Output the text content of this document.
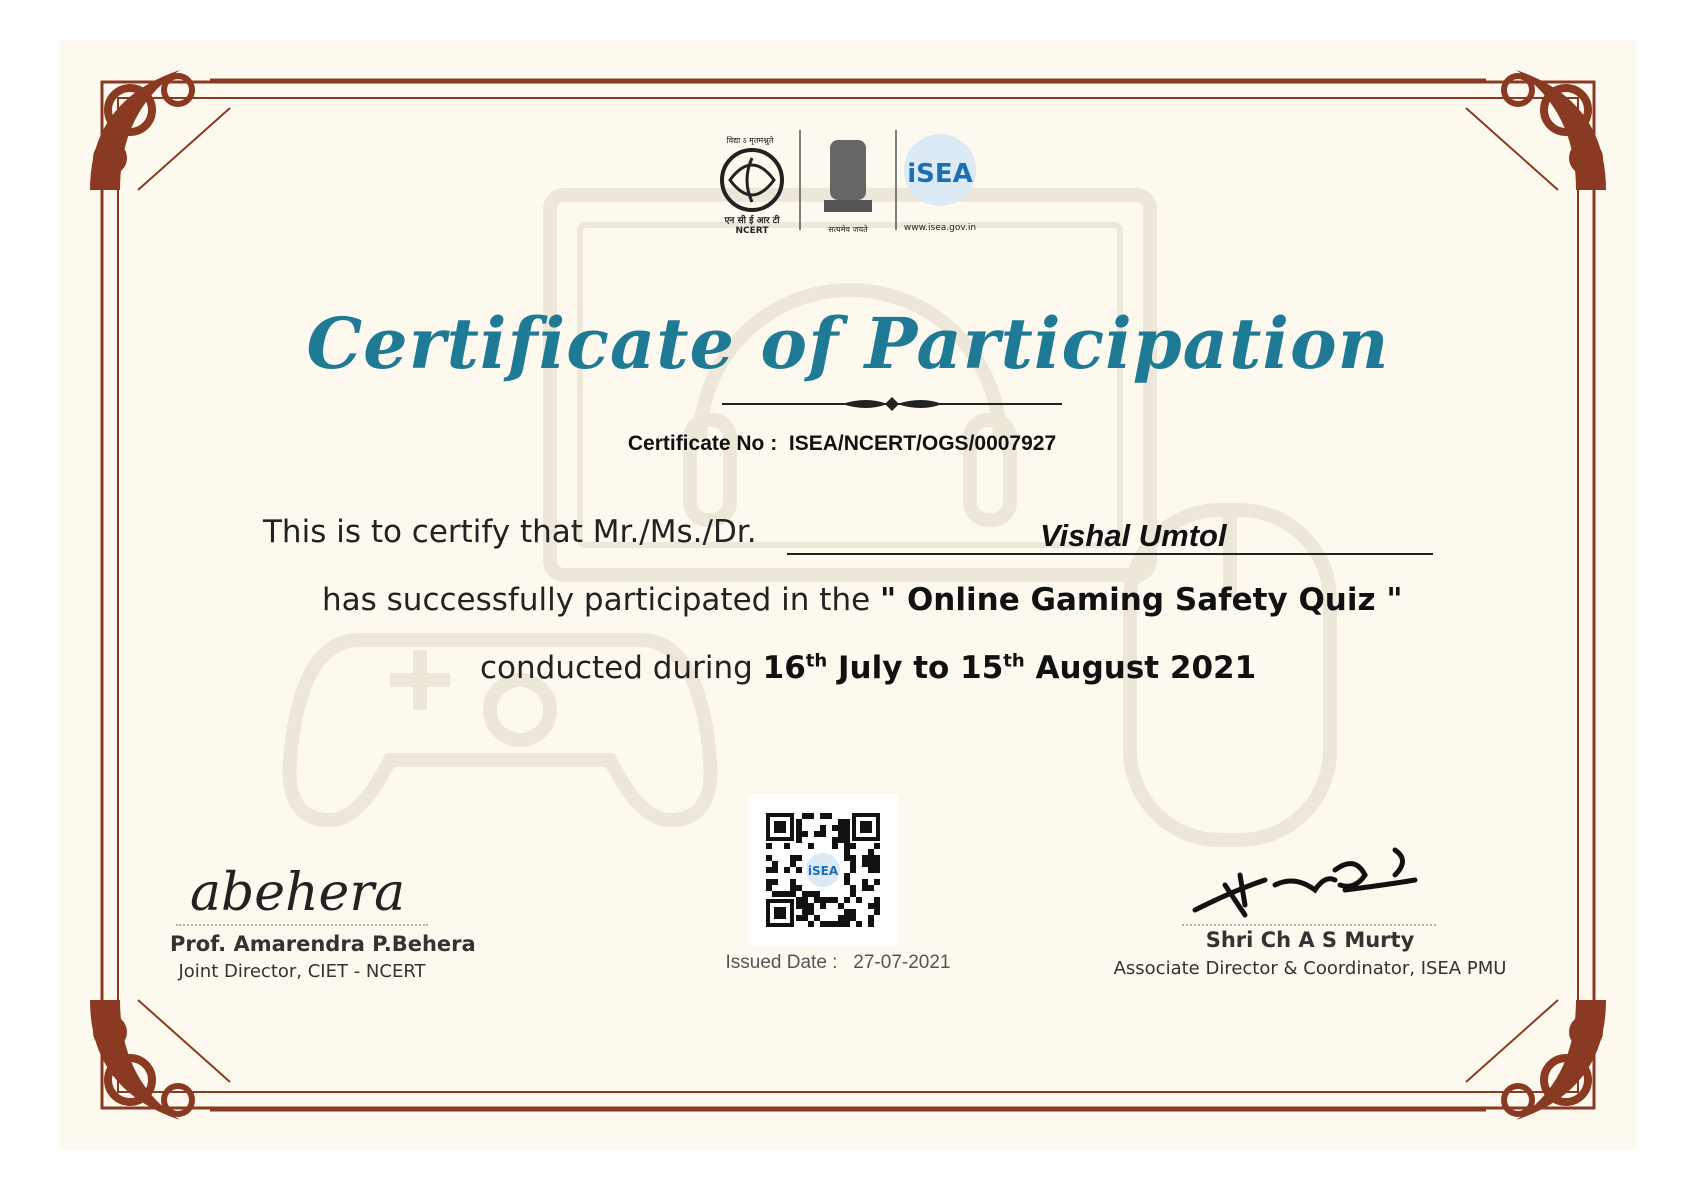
विद्या ऽ मृतमश्नुते
एन सी ई आर टी
NCERT	सत्यमेव जयते
iSEA
www.isea.gov.in
Certificate of Participation
Certificate No : ISEA/NCERT/OGS/0007927
This is to certify that Mr./Ms./Dr.	Vishal Umtol
has successfully participated in the " Online Gaming Safety Quiz "
conducted during 16th July to 15th August 2021
iSEA
Issued Date : 27-07-2021
abehera
Prof. Amarendra P.Behera
Joint Director, CIET - NCERT
Shri Ch A S Murty
Associate Director & Coordinator, ISEA PMU
